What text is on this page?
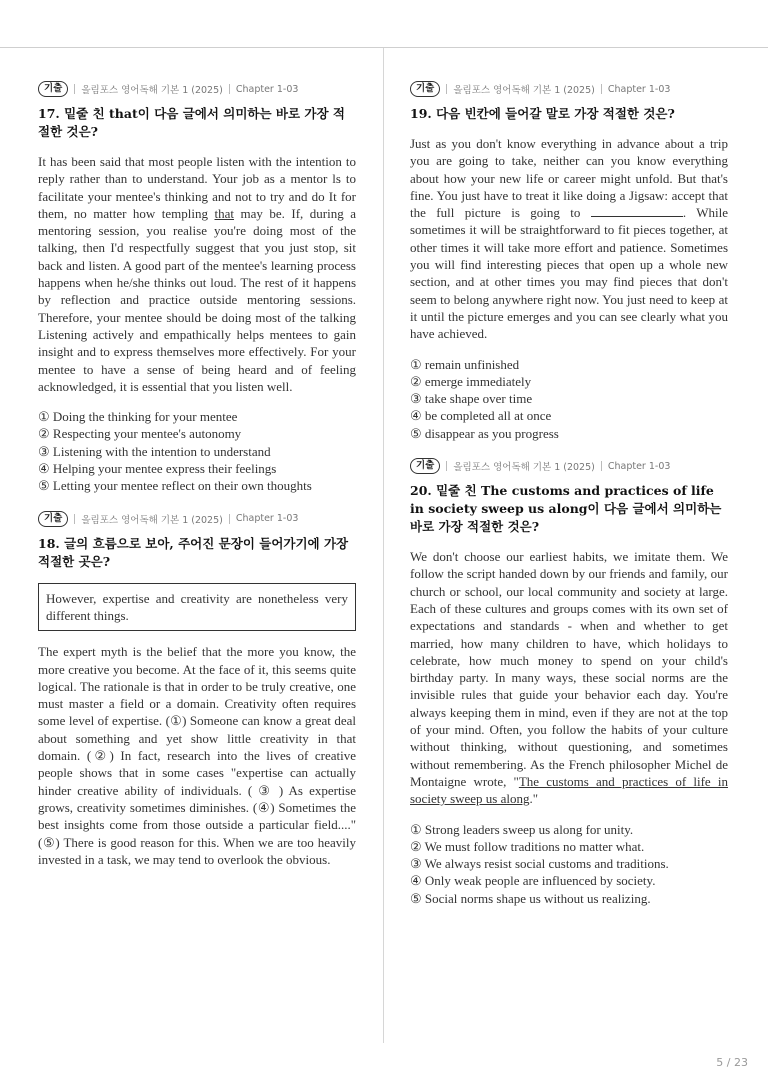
기출	올림포스 영어독해 기본 1 (2025) Chapter 1-03
17. 밑줄 친 that이 다음 글에서 의미하는 바로 가장 적절한 것은?

It has been said that most people listen with the intention to reply rather than to understand. Your job as a mentor ls to facilitate your mentee's thinking and not to try and do It for them, no matter how templing that may be. If, during a mentoring session, you realise you're doing most of the talking, then I'd respectfully suggest that you just stop, sit back and listen. A good part of the mentee's learning process happens when he/she thinks out loud. The rest of it happens by reflection and practice outside mentoring sessions. Therefore, your mentee should be doing most of the talking Listening actively and empathically helps mentees to gain insight and to express themselves more effectively. For your mentee to have a sense of being heard and of feeling acknowledged, it is essential that you listen well.

① Doing the thinking for your mentee
② Respecting your mentee's autonomy
③ Listening with the intention to understand
④ Helping your mentee express their feelings
⑤ Letting your mentee reflect on their own thoughts
기출	올림포스 영어독해 기본 1 (2025) Chapter 1-03
18. 글의 흐름으로 보아, 주어진 문장이 들어가기에 가장 적절한 곳은?
However, expertise and creativity are nonetheless very different things.

The expert myth is the belief that the more you know, the more creative you become. At the face of it, this seems quite logical. The rationale is that in order to be truly creative, one must master a field or a domain. Creativity often requires some level of expertise. (①) Someone can know a great deal about something and yet show little creativity in that domain. (②) In fact, research into the lives of creative people shows that in some cases "expertise can actually hinder creative ability of individuals. ( ③ ) As expertise grows, creativity sometimes diminishes. (④) Sometimes the best insights come from those outside a particular field...." (⑤) There is good reason for this. When we are too heavily invested in a task, we may tend to overlook the obvious.

기출	올림포스 영어독해 기본 1 (2025) Chapter 1-03
19. 다음 빈칸에 들어갈 말로 가장 적절한 것은?

Just as you don't know everything in advance about a trip you are going to take, neither can you know everything about how your new life or career might unfold. But that's fine. You just have to treat it like doing a Jigsaw: accept that the full picture is going to	. While sometimes it will be straightforward to fit pieces together, at other times it will take more effort and patience. Sometimes you will find interesting pieces that open up a whole new section, and at other times you may find pieces that don't seem to belong anywhere right now. You just need to keep at it until the picture emerges and you can see clearly what you have achieved.

① remain unfinished
② emerge immediately
③ take shape over time
④ be completed all at once
⑤ disappear as you progress
기출	올림포스 영어독해 기본 1 (2025) Chapter 1-03
20. 밑줄 친 The customs and practices of life in society sweep us along이 다음 글에서 의미하는 바로 가장 적절한 것은?

We don't choose our earliest habits, we imitate them. We follow the script handed down by our friends and family, our church or school, our local community and society at large. Each of these cultures and groups comes with its own set of expectations and standards - when and whether to get married, how many children to have, which holidays to celebrate, how much money to spend on your child's birthday party. In many ways, these social norms are the invisible rules that guide your behavior each day. You're always keeping them in mind, even if they are not at the top of your mind. Often, you follow the habits of your culture without thinking, without questioning, and sometimes without remembering. As the French philosopher Michel de Montaigne wrote, "The customs and practices of life in society sweep us along."

① Strong leaders sweep us along for unity.
② We must follow traditions no matter what.
③ We always resist social customs and traditions.
④ Only weak people are influenced by society.
⑤ Social norms shape us without us realizing.
5 / 23
